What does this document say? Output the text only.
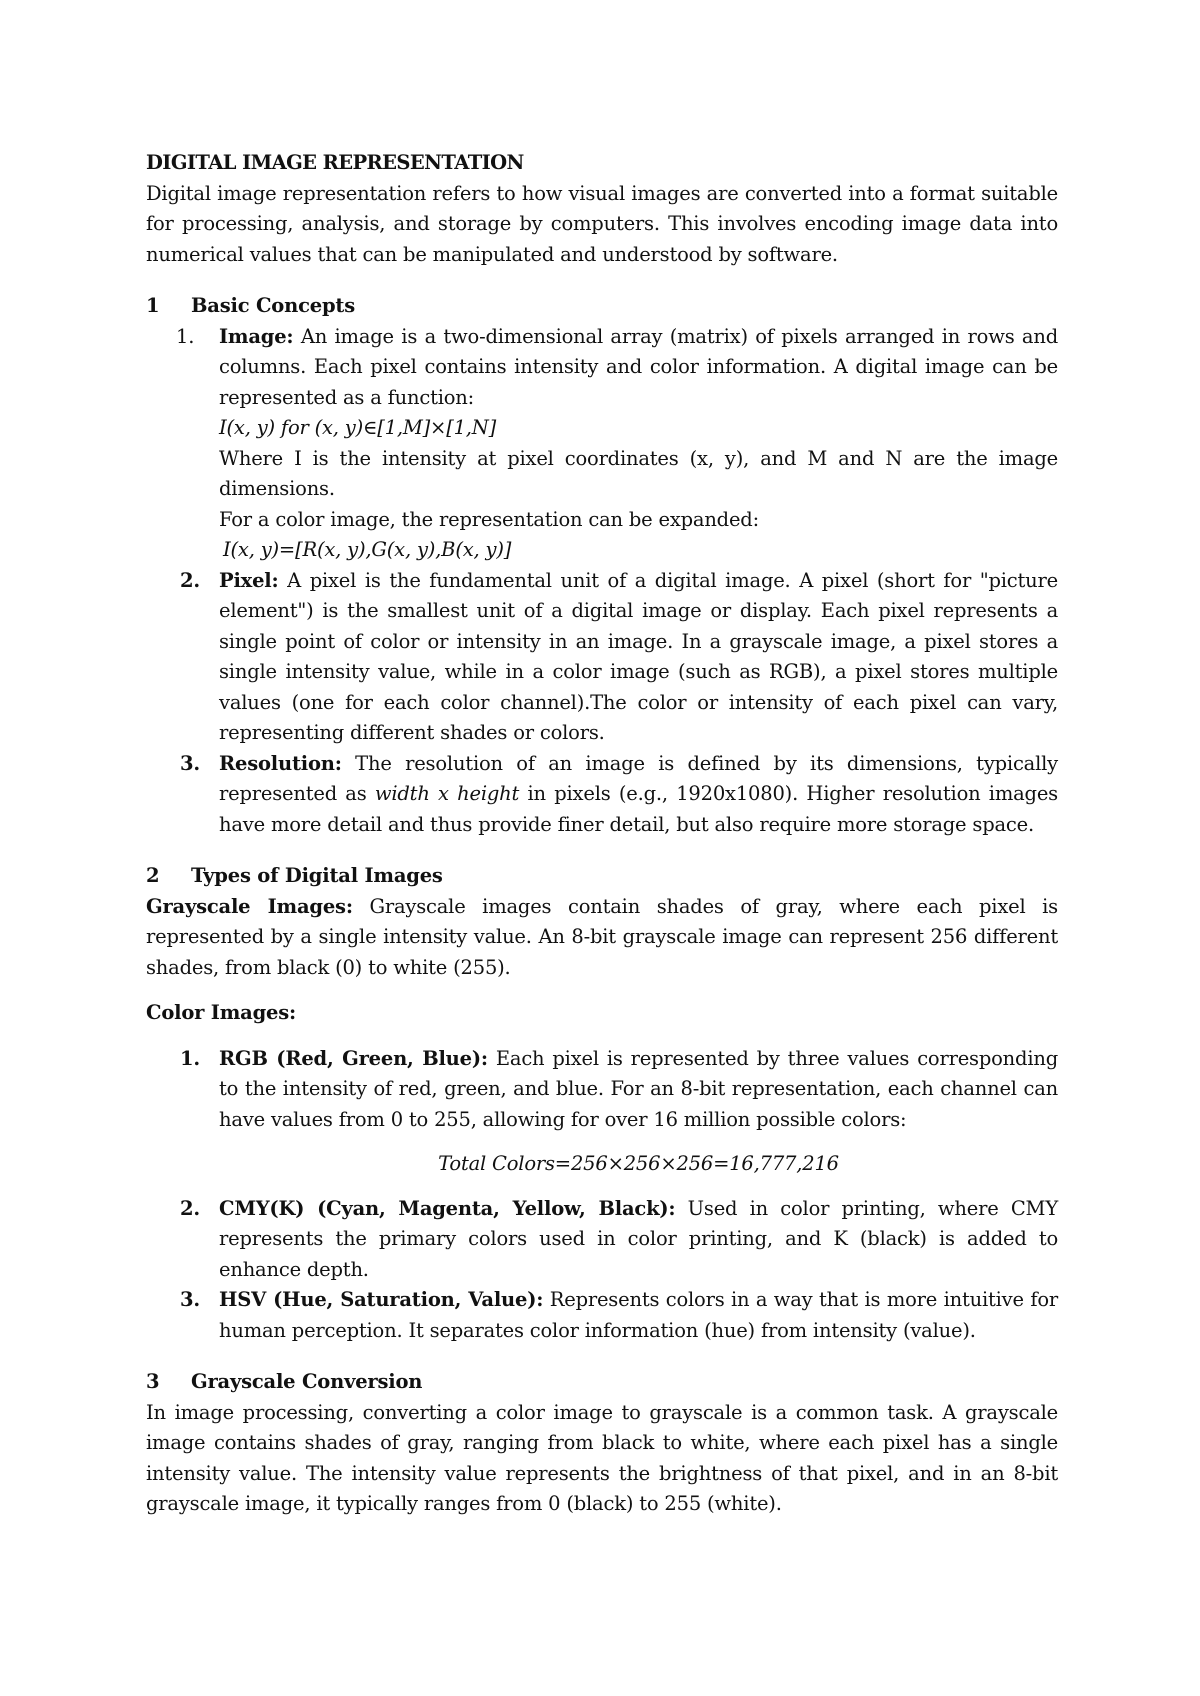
DIGITAL IMAGE REPRESENTATION

Digital image representation refers to how visual images are converted into a format suitable for processing, analysis, and storage by computers. This involves encoding image data into numerical values that can be manipulated and understood by software.

1	Basic Concepts
1.	Image: An image is a two-dimensional array (matrix) of pixels arranged in rows and columns. Each pixel contains intensity and color information. A digital image can be represented as a function:

I(x, y) for (x, y)∈[1,M]×[1,N]

Where I is the intensity at pixel coordinates (x, y), and M and N are the image dimensions.

For a color image, the representation can be expanded:

I(x, y)=[R(x, y),G(x, y),B(x, y)]
2. Pixel: A pixel is the fundamental unit of a digital image. A pixel (short for "picture element") is the smallest unit of a digital image or display. Each pixel represents a single point of color or intensity in an image. In a grayscale image, a pixel stores a single intensity value, while in a color image (such as RGB), a pixel stores multiple values (one for each color channel).The color or intensity of each pixel can vary, representing different shades or colors.

3. Resolution: The resolution of an image is defined by its dimensions, typically represented as width x height in pixels (e.g., 1920x1080). Higher resolution images have more detail and thus provide finer detail, but also require more storage space.

2	Types of Digital Images

Grayscale Images: Grayscale images contain shades of gray, where each pixel is represented by a single intensity value. An 8-bit grayscale image can represent 256 different shades, from black (0) to white (255).

Color Images:

1. RGB (Red, Green, Blue): Each pixel is represented by three values corresponding to the intensity of red, green, and blue. For an 8-bit representation, each channel can have values from 0 to 255, allowing for over 16 million possible colors:

Total Colors=256×256×256=16,777,216

2. CMY(K) (Cyan, Magenta, Yellow, Black): Used in color printing, where CMY represents the primary colors used in color printing, and K (black) is added to enhance depth.

3. HSV (Hue, Saturation, Value): Represents colors in a way that is more intuitive for human perception. It separates color information (hue) from intensity (value).

3	Grayscale Conversion

In image processing, converting a color image to grayscale is a common task. A grayscale image contains shades of gray, ranging from black to white, where each pixel has a single intensity value. The intensity value represents the brightness of that pixel, and in an 8-bit grayscale image, it typically ranges from 0 (black) to 255 (white).
